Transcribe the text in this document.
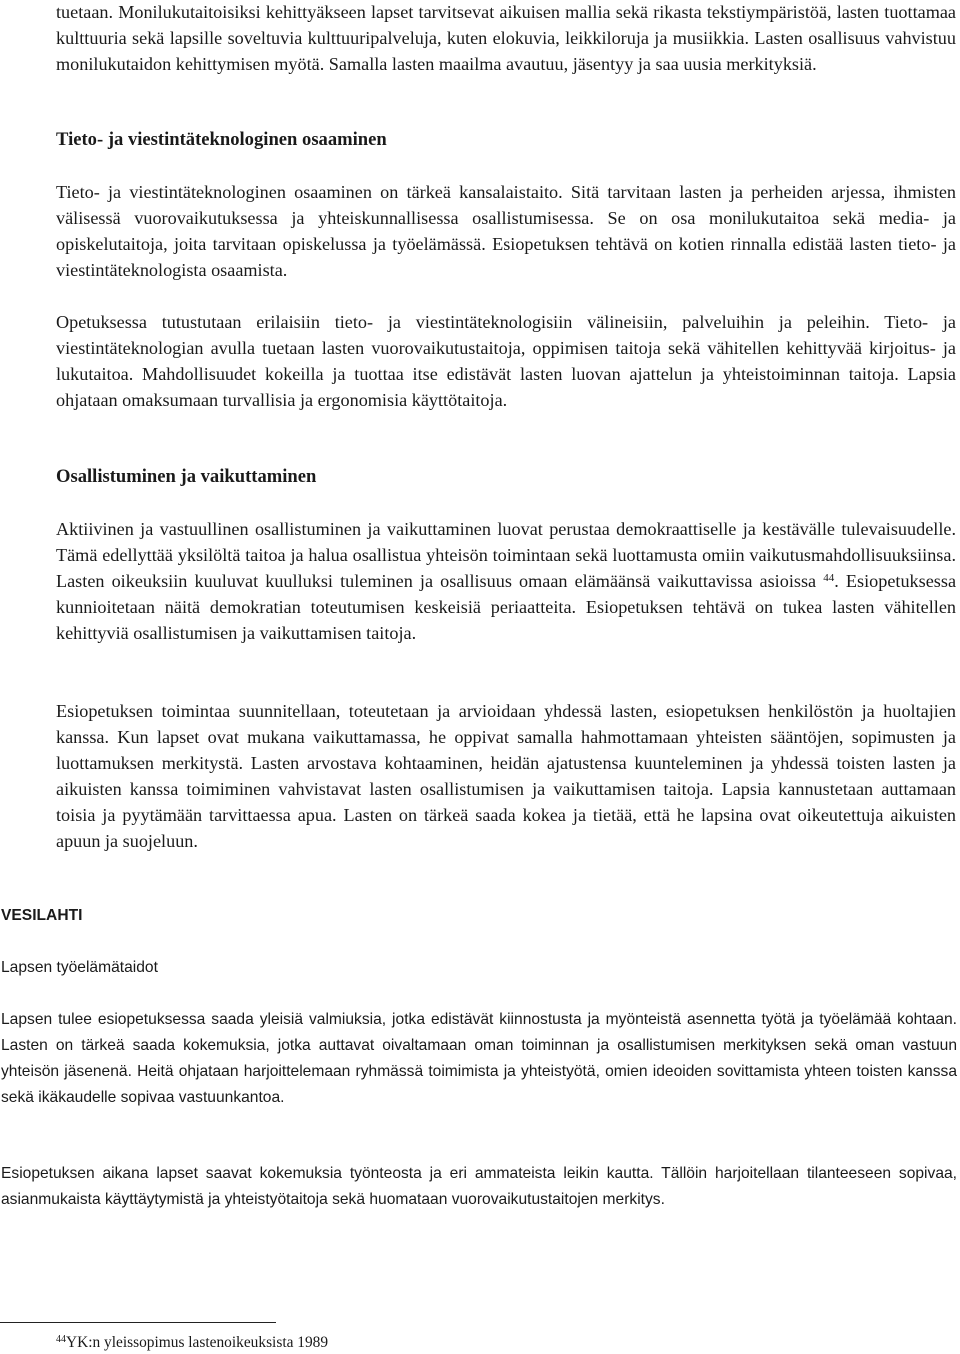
tuetaan. Monilukutaitoisiksi kehittyäkseen lapset tarvitsevat aikuisen mallia sekä rikasta tekstiympäristöä, lasten tuottamaa kulttuuria sekä lapsille soveltuvia kulttuuripalveluja, kuten elokuvia, leikkiloruja ja musiikkia. Lasten osallisuus vahvistuu monilukutaidon kehittymisen myötä. Samalla lasten maailma avautuu, jäsentyy ja saa uusia merkityksiä.

Tieto- ja viestintäteknologinen osaaminen

Tieto- ja viestintäteknologinen osaaminen on tärkeä kansalaistaito. Sitä tarvitaan lasten ja perheiden arjessa, ihmisten välisessä vuorovaikutuksessa ja yhteiskunnallisessa osallistumisessa. Se on osa monilukutaitoa sekä media- ja opiskelutaitoja, joita tarvitaan opiskelussa ja työelämässä. Esiopetuksen tehtävä on kotien rinnalla edistää lasten tieto- ja viestintäteknologista osaamista.

Opetuksessa tutustutaan erilaisiin tieto- ja viestintäteknologisiin välineisiin, palveluihin ja peleihin. Tieto- ja viestintäteknologian avulla tuetaan lasten vuorovaikutustaitoja, oppimisen taitoja sekä vähitellen kehittyvää kirjoitus- ja lukutaitoa. Mahdollisuudet kokeilla ja tuottaa itse edistävät lasten luovan ajattelun ja yhteistoiminnan taitoja. Lapsia ohjataan omaksumaan turvallisia ja ergonomisia käyttötaitoja.

Osallistuminen ja vaikuttaminen

Aktiivinen ja vastuullinen osallistuminen ja vaikuttaminen luovat perustaa demokraattiselle ja kestävälle tulevaisuudelle. Tämä edellyttää yksilöltä taitoa ja halua osallistua yhteisön toimintaan sekä luottamusta omiin vaikutusmahdollisuuksiinsa. Lasten oikeuksiin kuuluvat kuulluksi tuleminen ja osallisuus omaan elämäänsä vaikuttavissa asioissa $^{44}$. Esiopetuksessa kunnioitetaan näitä demokratian toteutumisen keskeisiä periaatteita. Esiopetuksen tehtävä on tukea lasten vähitellen kehittyviä osallistumisen ja vaikuttamisen taitoja.

Esiopetuksen toimintaa suunnitellaan, toteutetaan ja arvioidaan yhdessä lasten, esiopetuksen henkilöstön ja huoltajien kanssa. Kun lapset ovat mukana vaikuttamassa, he oppivat samalla hahmottamaan yhteisten sääntöjen, sopimusten ja luottamuksen merkitystä. Lasten arvostava kohtaaminen, heidän ajatustensa kuunteleminen ja yhdessä toisten lasten ja aikuisten kanssa toimiminen vahvistavat lasten osallistumisen ja vaikuttamisen taitoja. Lapsia kannustetaan auttamaan toisia ja pyytämään tarvittaessa apua. Lasten on tärkeä saada kokea ja tietää, että he lapsina ovat oikeutettuja aikuisten apuun ja suojeluun.

VESILAHTI
Lapsen työelämätaidot

Lapsen tulee esiopetuksessa saada yleisiä valmiuksia, jotka edistävät kiinnostusta ja myönteistä asennetta työtä ja työelämää kohtaan. Lasten on tärkeä saada kokemuksia, jotka auttavat oivaltamaan oman toiminnan ja osallistumisen merkityksen sekä oman vastuun yhteisön jäsenenä. Heitä ohjataan harjoittelemaan ryhmässä toimimista ja yhteistyötä, omien ideoiden sovittamista yhteen toisten kanssa sekä ikäkaudelle sopivaa vastuunkantoa.

Esiopetuksen aikana lapset saavat kokemuksia työnteosta ja eri ammateista leikin kautta. Tällöin harjoitellaan tilanteeseen sopivaa, asianmukaista käyttäytymistä ja yhteistyötaitoja sekä huomataan vuorovaikutustaitojen merkitys.

$^{44}$YK:n yleissopimus lastenoikeuksista 1989
